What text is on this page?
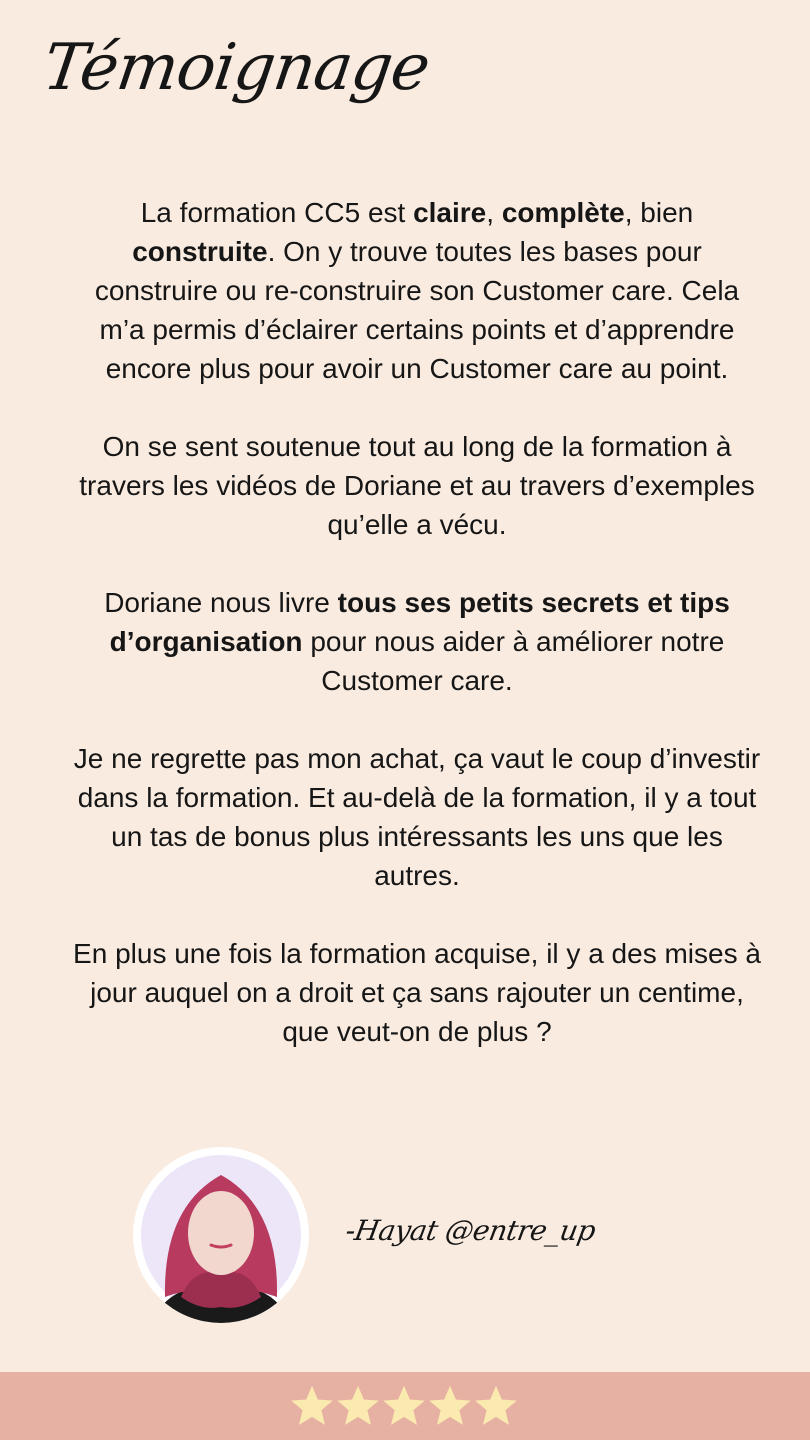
Témoignage

La formation CC5 est claire, complète, bien construite. On y trouve toutes les bases pour construire ou re-construire son Customer care. Cela m’a permis d’éclairer certains points et d’apprendre encore plus pour avoir un Customer care au point.

On se sent soutenue tout au long de la formation à travers les vidéos de Doriane et au travers d’exemples qu’elle a vécu.

Doriane nous livre tous ses petits secrets et tips d’organisation pour nous aider à améliorer notre Customer care.

Je ne regrette pas mon achat, ça vaut le coup d’investir dans la formation. Et au-delà de la formation, il y a tout un tas de bonus plus intéressants les uns que les autres.

En plus une fois la formation acquise, il y a des mises à jour auquel on a droit et ça sans rajouter un centime, que veut-on de plus ?

-Hayat @entre_up
